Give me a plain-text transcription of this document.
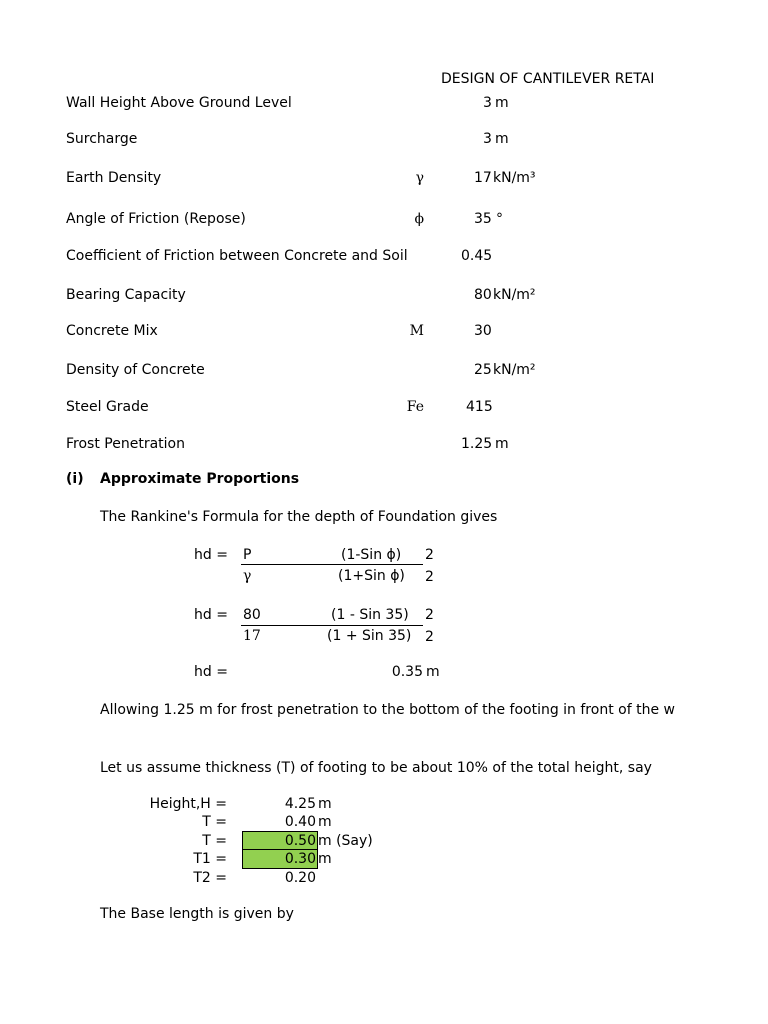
DESIGN OF CANTILEVER RETAI
Wall Height Above Ground Level	3 m
Surcharge	3 m
Earth Density	γ	17 kN/m³
Angle of Friction (Repose)	ϕ	35 °
Coefficient of Friction between Concrete and Soil	0.45
Bearing Capacity	80 kN/m²
Concrete Mix	M	30
Density of Concrete	25 kN/m²
Steel Grade	Fe	415
Frost Penetration	1.25 m
(i) Approximate Proportions
The Rankine's Formula for the depth of Foundation gives
hd = P	(1-Sin ϕ) 2
γ	(1+Sin ϕ) 2
hd = 80	(1 - Sin 35) 2
17	(1 + Sin 35) 2
hd =	0.35 m
Allowing 1.25 m for frost penetration to the bottom of the footing in front of the w
Let us assume thickness (T) of footing to be about 10% of the total height, say
Height,H =	4.25 m
T =	0.40 m
T =	0.50 m (Say)
T1 =	0.30 m
T2 =	0.20
The Base length is given by
